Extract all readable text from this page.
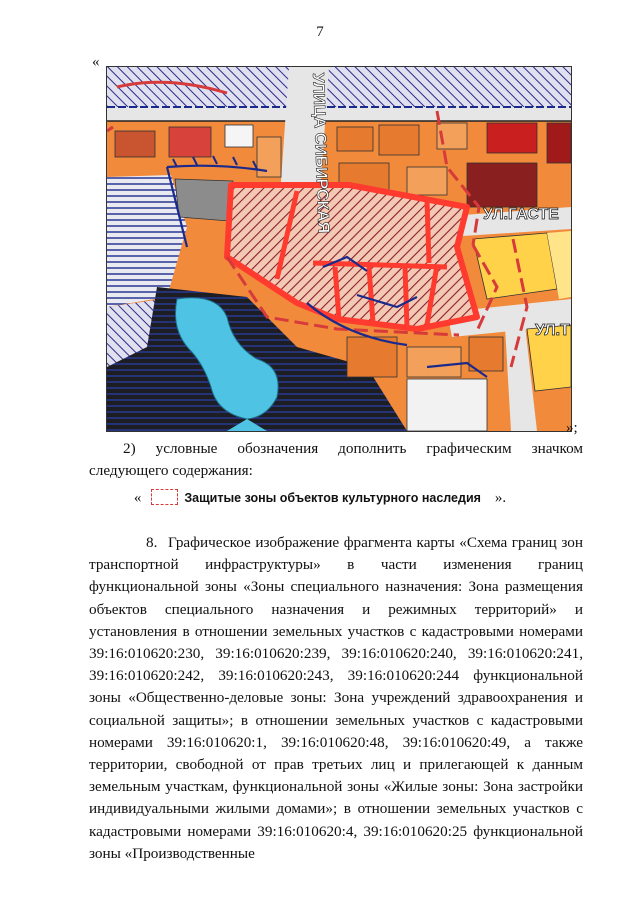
7
«
УЛИЦА СИБИРСКАЯ	УЛ.ГАСТЕ
УЛ.Т
»;
2) условные обозначения дополнить графическим значком следующего содержания:
«	Защитые зоны объектов культурного наследия ».
8. Графическое изображение фрагмента карты «Схема границ зон транспортной инфраструктуры» в части изменения границ функциональной зоны «Зоны специального назначения: Зона размещения объектов специального назначения и режимных территорий» и установления в отношении земельных участков с кадастровыми номерами 39:16:010620:230, 39:16:010620:239, 39:16:010620:240, 39:16:010620:241, 39:16:010620:242, 39:16:010620:243, 39:16:010620:244 функциональной зоны «Общественно-деловые зоны: Зона учреждений здравоохранения и социальной защиты»; в отношении земельных участков с кадастровыми номерами 39:16:010620:1, 39:16:010620:48, 39:16:010620:49, а также территории, свободной от прав третьих лиц и прилегающей к данным земельным участкам, функциональной зоны «Жилые зоны: Зона застройки индивидуальными жилыми домами»; в отношении земельных участков с кадастровыми номерами 39:16:010620:4, 39:16:010620:25 функциональной зоны «Производственные
